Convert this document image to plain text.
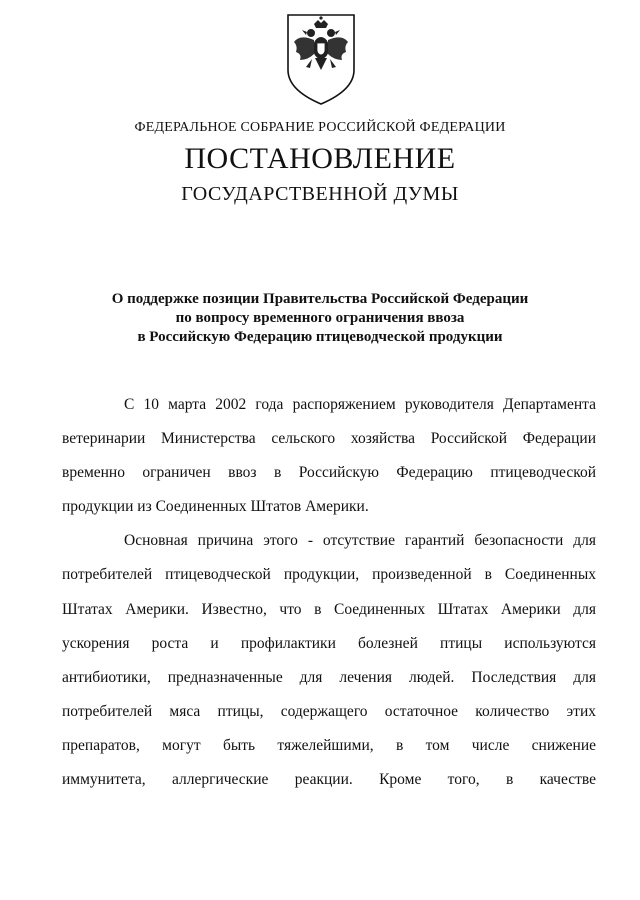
ФЕДЕРАЛЬНОЕ СОБРАНИЕ РОССИЙСКОЙ ФЕДЕРАЦИИ
ПОСТАНОВЛЕНИЕ
ГОСУДАРСТВЕННОЙ ДУМЫ
О поддержке позиции Правительства Российской Федерации
по вопросу временного ограничения ввоза
в Российскую Федерацию птицеводческой продукции
С 10 марта 2002 года распоряжением руководителя Департамента
ветеринарии Министерства сельского хозяйства Российской Федерации
временно ограничен ввоз в Российскую Федерацию птицеводческой
продукции из Соединенных Штатов Америки.
Основная причина этого - отсутствие гарантий безопасности для
потребителей птицеводческой продукции, произведенной в Соединенных
Штатах Америки. Известно, что в Соединенных Штатах Америки для
ускорения роста и профилактики болезней птицы используются
антибиотики, предназначенные для лечения людей. Последствия для
потребителей мяса птицы, содержащего остаточное количество этих
препаратов, могут быть тяжелейшими, в том числе снижение
иммунитета, аллергические реакции. Кроме того, в качестве
